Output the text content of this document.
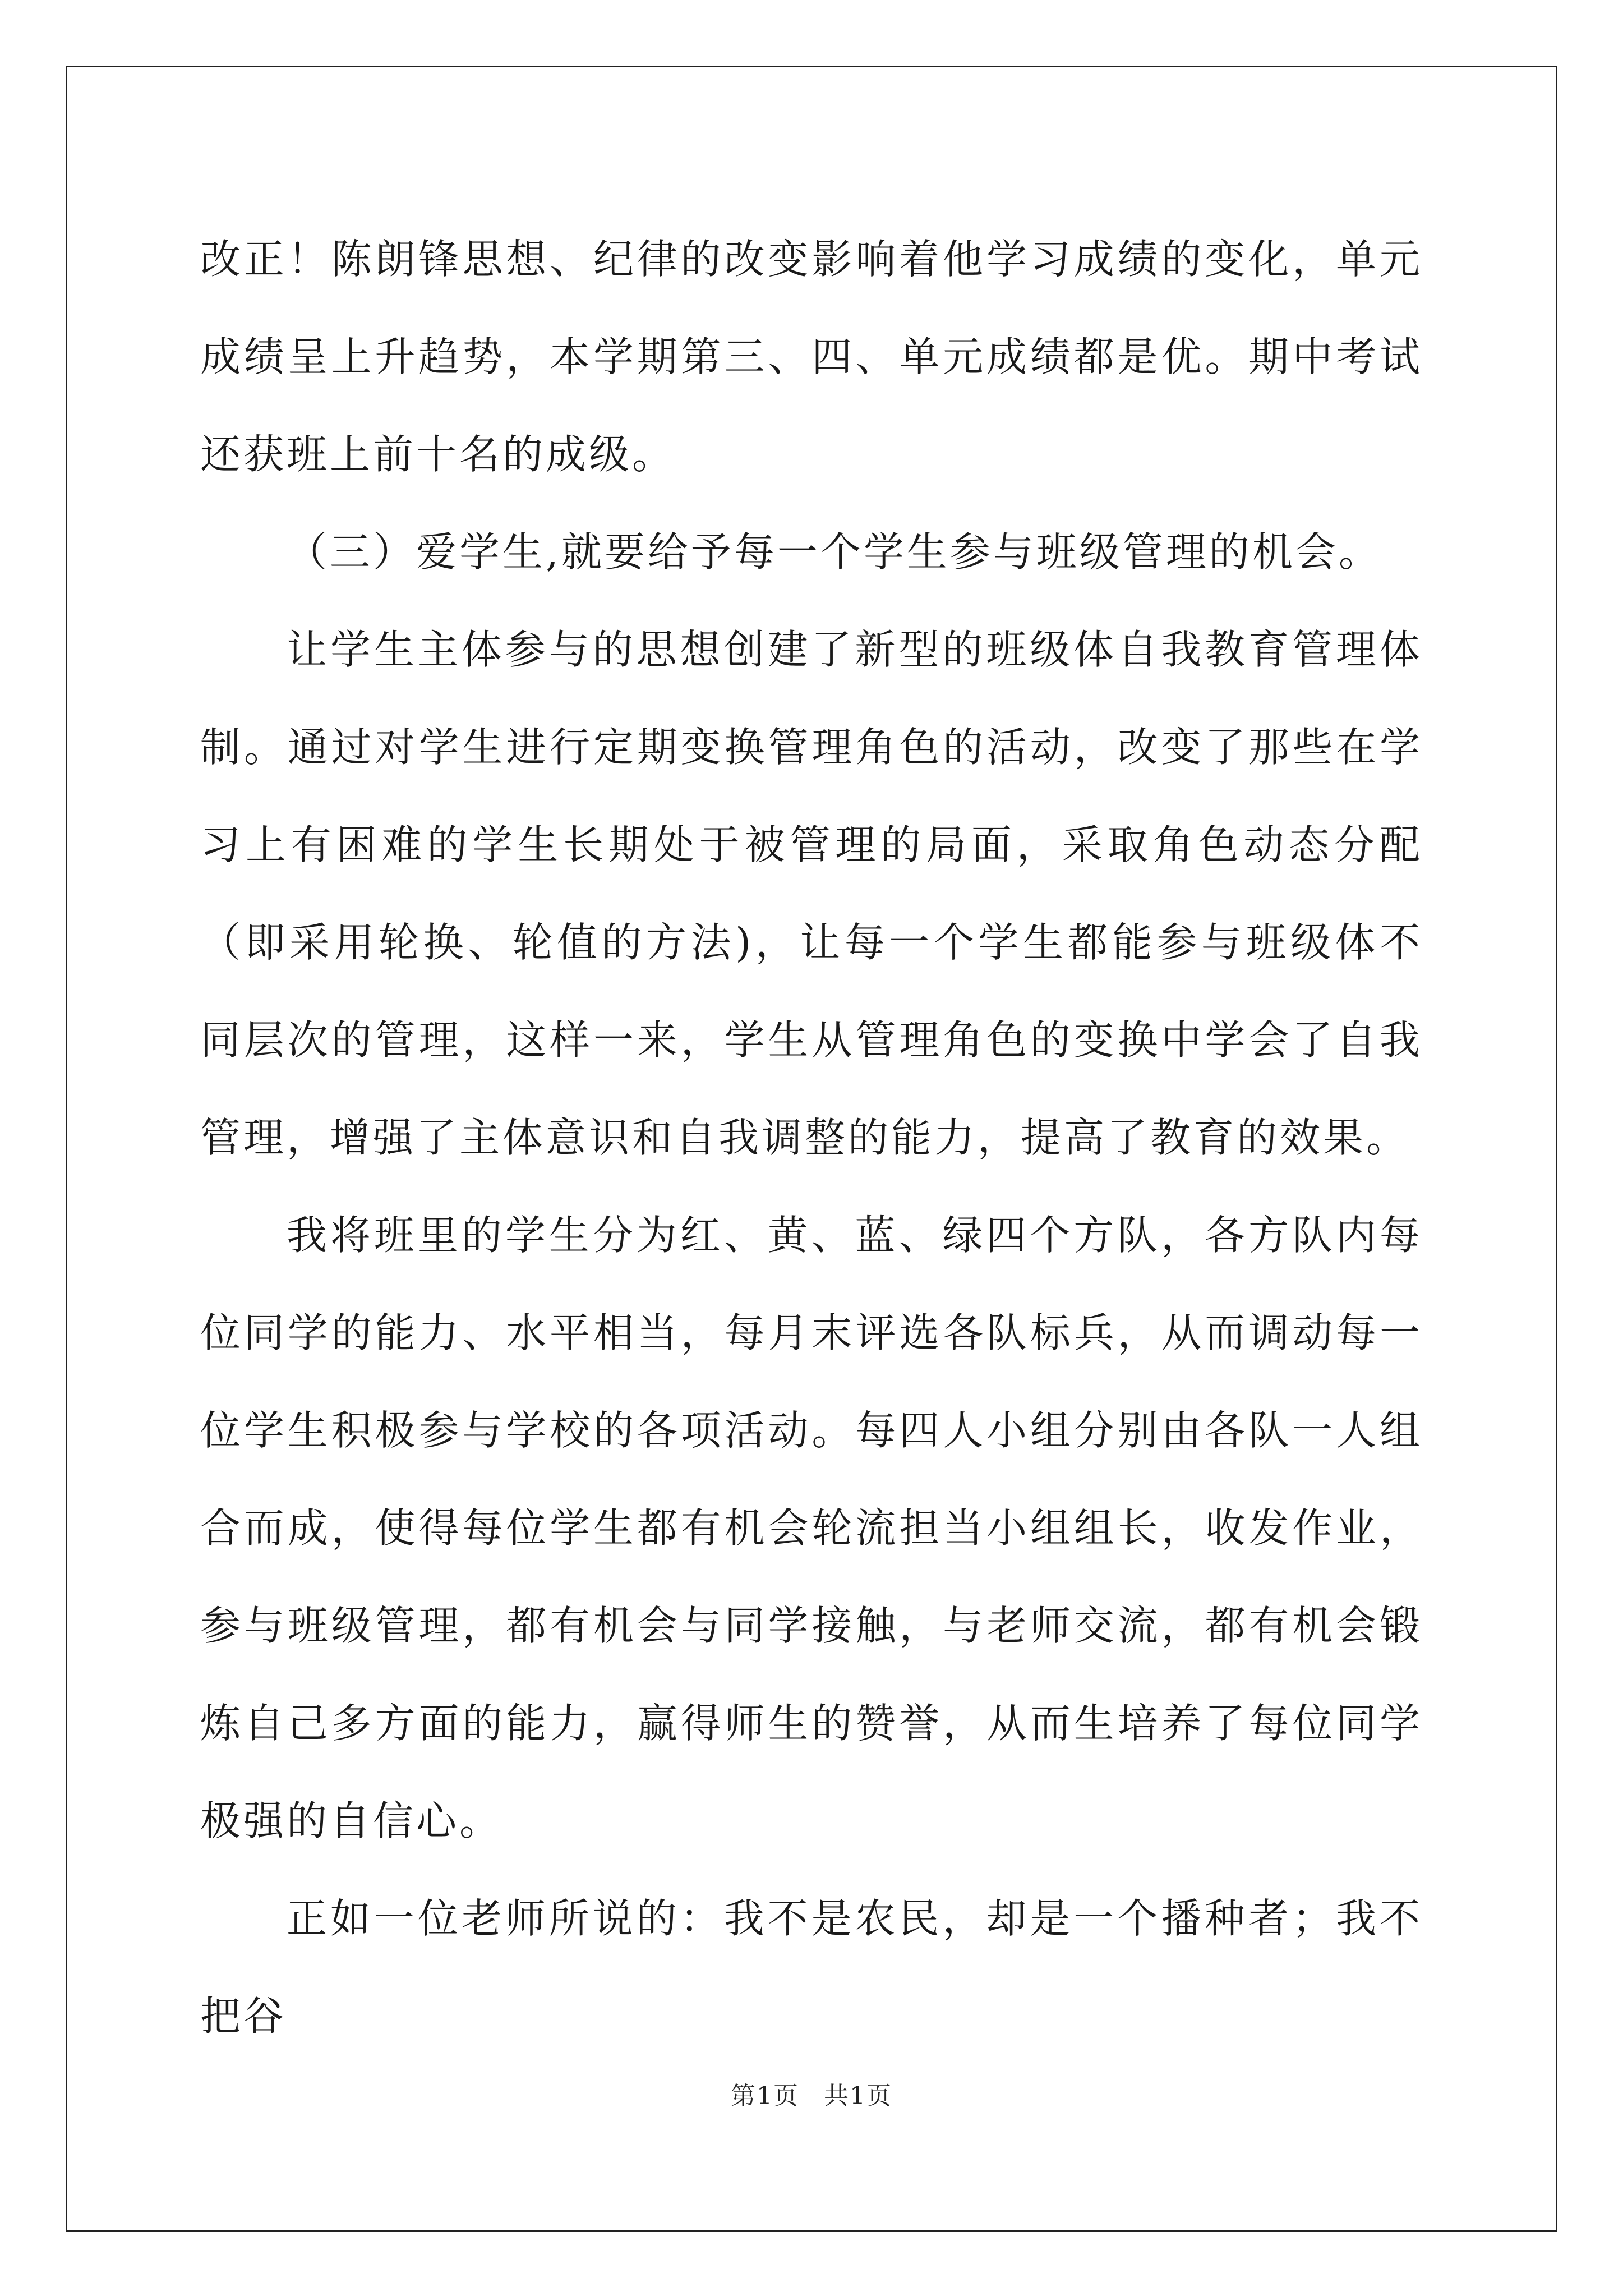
改正！陈朗锋思想、纪律的改变影响着他学习成绩的变化，单元成绩呈上升趋势，本学期第三、四、单元成绩都是优。期中考试还获班上前十名的成级。

（三）爱学生,就要给予每一个学生参与班级管理的机会。

让学生主体参与的思想创建了新型的班级体自我教育管理体制。通过对学生进行定期变换管理角色的活动，改变了那些在学习上有困难的学生长期处于被管理的局面，采取角色动态分配（即采用轮换、轮值的方法)，让每一个学生都能参与班级体不同层次的管理，这样一来，学生从管理角色的变换中学会了自我管理，增强了主体意识和自我调整的能力，提高了教育的效果。

我将班里的学生分为红、黄、蓝、绿四个方队，各方队内每位同学的能力、水平相当，每月末评选各队标兵，从而调动每一位学生积极参与学校的各项活动。每四人小组分别由各队一人组合而成，使得每位学生都有机会轮流担当小组组长，收发作业，参与班级管理，都有机会与同学接触，与老师交流，都有机会锻炼自己多方面的能力，赢得师生的赞誉，从而生培养了每位同学极强的自信心。

正如一位老师所说的：我不是农民，却是一个播种者；我不把谷

第1页 共1页
